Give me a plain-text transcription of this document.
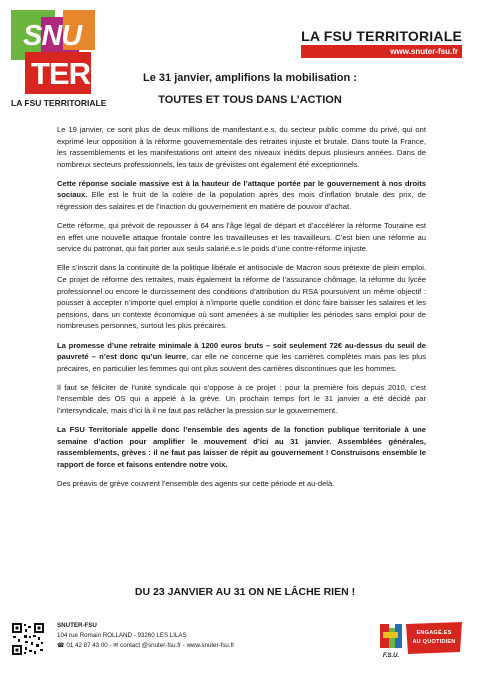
SNU
TER
LA FSU TERRITORIALE
LA FSU TERRITORIALE
www.snuter-fsu.fr
Le 31 janvier, amplifions la mobilisation :
TOUTES ET TOUS DANS L’ACTION

Le 19 janvier, ce sont plus de deux millions de manifestant.e.s, du secteur public comme du privé, qui ont exprimé leur opposition à la réforme gouvernementale des retraites injuste et brutale. Dans toute la France, les rassemblements et les manifestations ont atteint des niveaux inédits depuis plusieurs années. Dans de nombreux secteurs professionnels, les taux de grévistes ont également été exceptionnels.

Cette réponse sociale massive est à la hauteur de l’attaque portée par le gouvernement à nos droits sociaux. Elle est le fruit de la colère de la population après des mois d’inflation brutale des prix, de régression des salaires et de l’inaction du gouvernement en matière de pouvoir d’achat.

Cette réforme, qui prévoit de repousser à 64 ans l’âge légal de départ et d’accélérer la réforme Touraine est en effet une nouvelle attaque frontale contre les travailleuses et les travailleurs. C’est bien une réforme au service du patronat, qui fait porter aux seuls salarié.e.s le poids d’une contre-réforme injuste.

Elle s’inscrit dans la continuité de la politique libérale et antisociale de Macron sous prétexte de plein emploi. Ce projet de réforme des retraites, mais également la réforme de l’assurance chômage, la réforme du lycée professionnel ou encore le durcissement des conditions d’attribution du RSA poursuivent un même objectif : pousser à accepter n’importe quel emploi à n’importe quelle condition et donc faire baisser les salaires et les pensions, dans un contexte économique où sont amenées à se multiplier les périodes sans emploi pour de nombreuses personnes, surtout les plus précaires.

La promesse d’une retraite minimale à 1200 euros bruts – soit seulement 72€ au-dessus du seuil de pauvreté – n’est donc qu’un leurre, car elle ne concerne que les carrières complètes mais pas les plus précaires, en particulier les femmes qui ont plus souvent des carrières discontinues que les hommes.

Il faut se féliciter de l’unité syndicale qui s’oppose à ce projet : pour la première fois depuis 2010, c’est l’ensemble des OS qui a appelé à la grève. Un prochain temps fort le 31 janvier a été décidé par l’intersyndicale, mais d’ici là il ne faut pas relâcher la pression sur le gouvernement.

La FSU Territoriale appelle donc l’ensemble des agents de la fonction publique territoriale à une semaine d’action pour amplifier le mouvement d’ici au 31 janvier. Assemblées générales, rassemblements, grèves : il ne faut pas laisser de répit au gouvernement ! Construisons ensemble le rapport de force et faisons entendre notre voix.

Des préavis de grève couvrent l’ensemble des agents sur cette période et au-delà.

DU 23 JANVIER AU 31 ON NE LÂCHE RIEN !
SNUTER-FSU
104 rue Romain ROLLAND - 93260 LES LILAS
☎ 01 42 87 43 00 - ✉ contact @snuter-fsu.fr - www.snuter-fsu.fr
F.S.U.
ENGAGÉ.ES
AU QUOTIDIEN
